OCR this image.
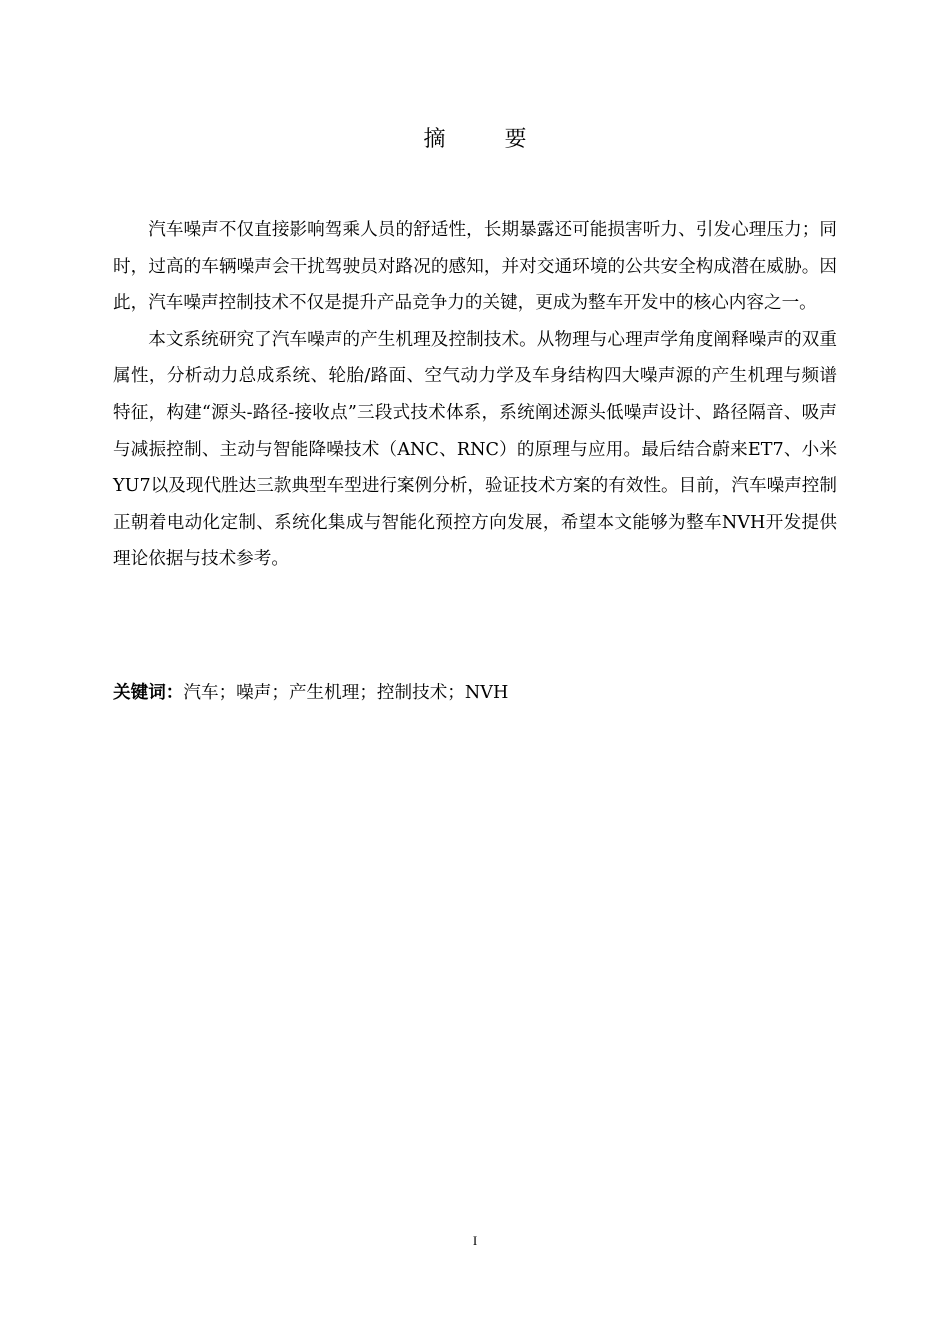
摘 要

汽车噪声不仅直接影响驾乘人员的舒适性，长期暴露还可能损害听力、引发心理压力；同时，过高的车辆噪声会干扰驾驶员对路况的感知，并对交通环境的公共安全构成潜在威胁。因此，汽车噪声控制技术不仅是提升产品竞争力的关键，更成为整车开发中的核心内容之一。

本文系统研究了汽车噪声的产生机理及控制技术。从物理与心理声学角度阐释噪声的双重属性，分析动力总成系统、轮胎/路面、空气动力学及车身结构四大噪声源的产生机理与频谱特征，构建“源头-路径-接收点”三段式技术体系，系统阐述源头低噪声设计、路径隔音、吸声与减振控制、主动与智能降噪技术（ANC、RNC）的原理与应用。最后结合蔚来ET7、小米YU7以及现代胜达三款典型车型进行案例分析，验证技术方案的有效性。目前，汽车噪声控制正朝着电动化定制、系统化集成与智能化预控方向发展，希望本文能够为整车NVH开发提供理论依据与技术参考。

关键词：汽车；噪声；产生机理；控制技术；NVH
I
